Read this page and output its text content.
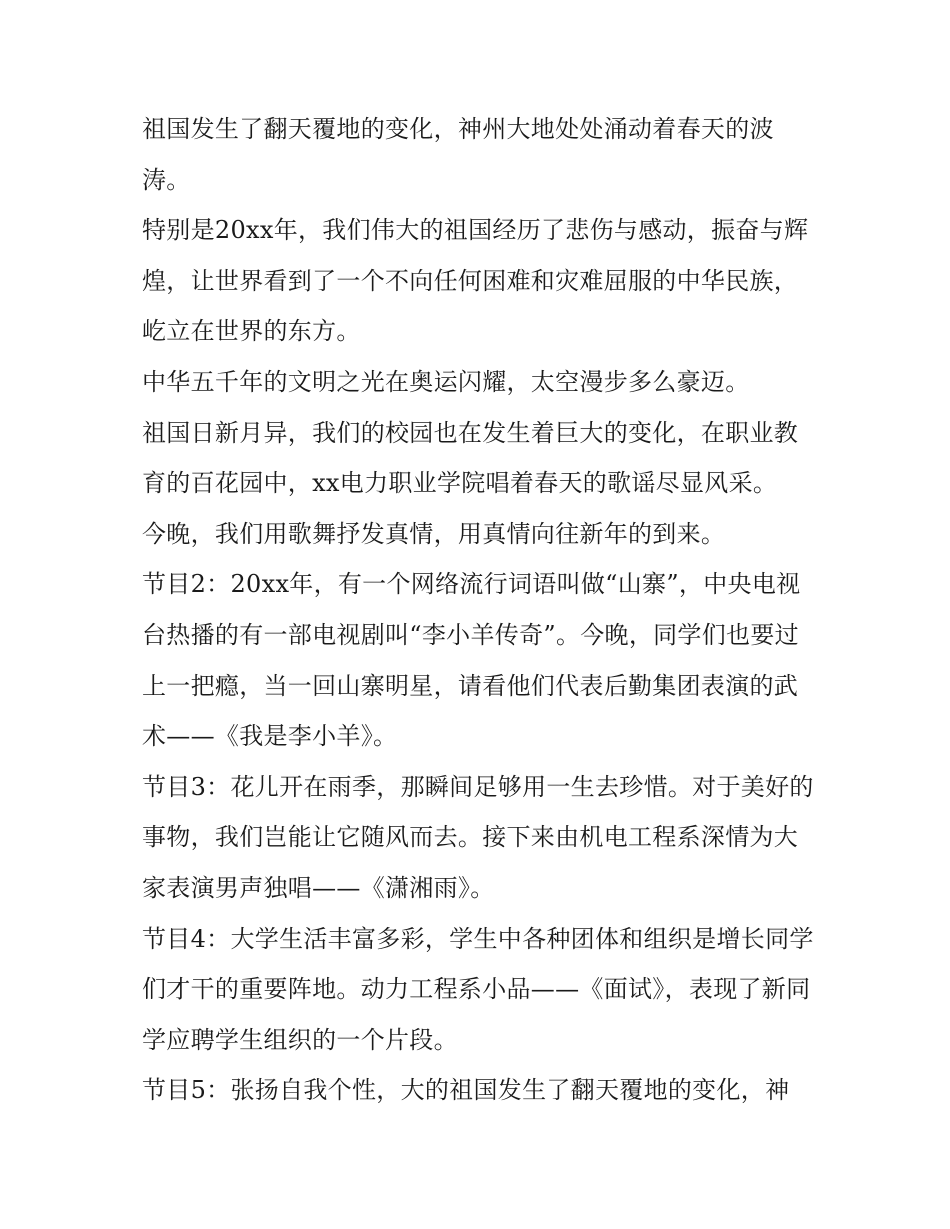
祖国发生了翻天覆地的变化，神州大地处处涌动着春天的波涛。

特别是20xx年，我们伟大的祖国经历了悲伤与感动，振奋与辉煌，让世界看到了一个不向任何困难和灾难屈服的中华民族，屹立在世界的东方。

中华五千年的文明之光在奥运闪耀，太空漫步多么豪迈。

祖国日新月异，我们的校园也在发生着巨大的变化，在职业教育的百花园中，xx电力职业学院唱着春天的歌谣尽显风采。

今晚，我们用歌舞抒发真情，用真情向往新年的到来。

节目2：20xx年，有一个网络流行词语叫做“山寨”，中央电视台热播的有一部电视剧叫“李小羊传奇”。今晚，同学们也要过上一把瘾，当一回山寨明星，请看他们代表后勤集团表演的武术——《我是李小羊》。

节目3：花儿开在雨季，那瞬间足够用一生去珍惜。对于美好的事物，我们岂能让它随风而去。接下来由机电工程系深情为大家表演男声独唱——《潇湘雨》。

节目4：大学生活丰富多彩，学生中各种团体和组织是增长同学们才干的重要阵地。动力工程系小品——《面试》，表现了新同学应聘学生组织的一个片段。

节目5：张扬自我个性，大的祖国发生了翻天覆地的变化，神
